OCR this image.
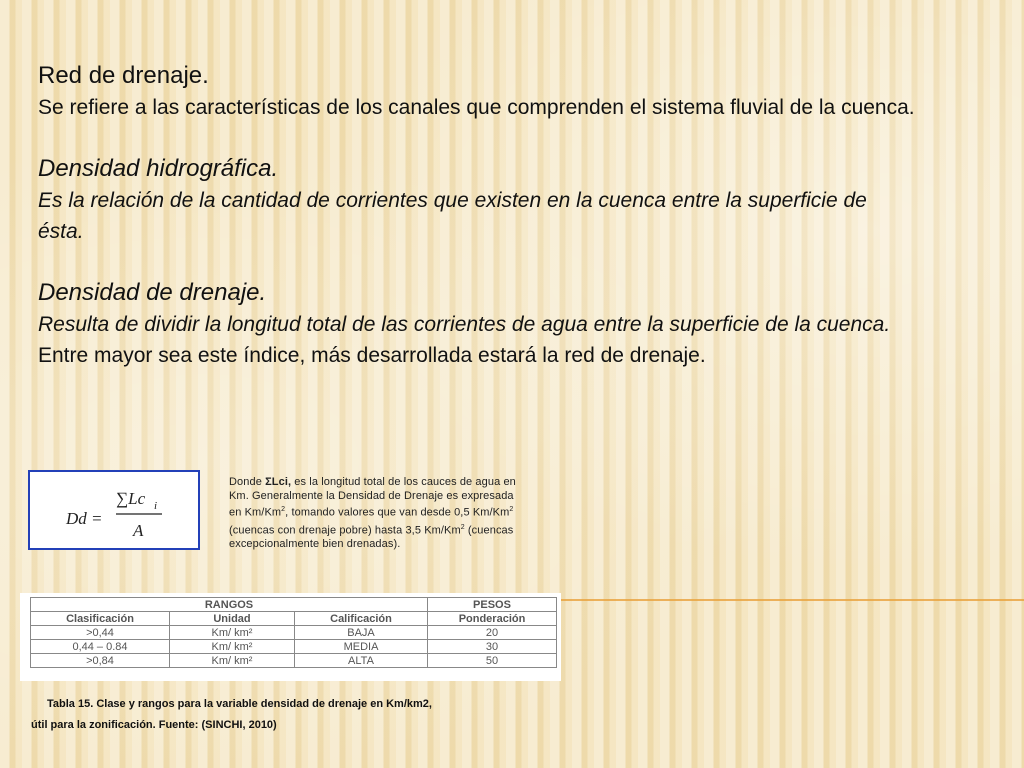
Red de drenaje.
Se refiere a las características de los canales que comprenden el sistema fluvial de la cuenca.
Densidad hidrográfica.
Es la relación de la cantidad de corrientes que existen en la cuenca entre la superficie de ésta.
Densidad de drenaje.
Resulta de dividir la longitud total de las corrientes de agua entre la superficie de la cuenca.
Entre mayor sea este índice, más desarrollada estará la red de drenaje.
Dd =
∑Lc i
A
Donde ΣLci, es la longitud total de los cauces de agua en Km. Generalmente la Densidad de Drenaje es expresada en Km/Km$^2$, tomando valores que van desde 0,5 Km/Km$^2$ (cuencas con drenaje pobre) hasta 3,5 Km/Km$^2$ (cuencas excepcionalmente bien drenadas).
RANGOS			PESOS
Clasificación	Unidad	Calificación	Ponderación
>0,44	Km/ km²	BAJA	20
0,44 – 0.84	Km/ km²	MEDIA	30
>0,84	Km/ km²	ALTA	50
Tabla 15. Clase y rangos para la variable densidad de drenaje en Km/km2,
útil para la zonificación. Fuente: (SINCHI, 2010)
